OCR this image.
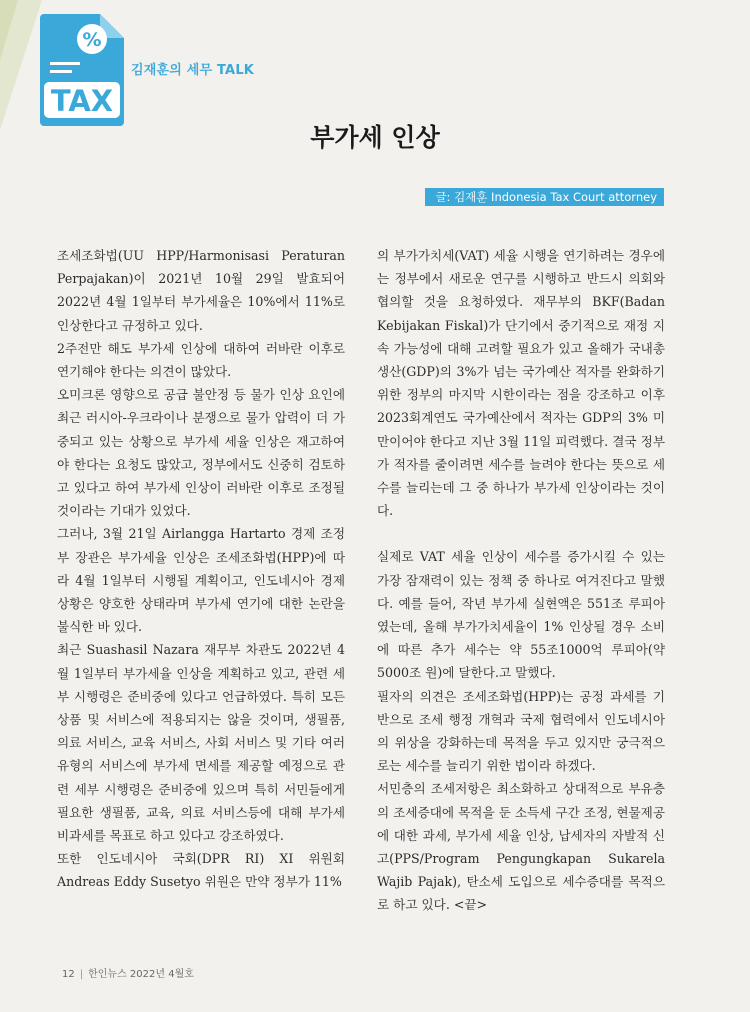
%
TAX
김재훈의 세무 TALK
부가세 인상
글: 김재훈 Indonesia Tax Court attorney

조세조화법(UU HPP/Harmonisasi Peraturan Perpajakan)이 2021년 10월 29일 발효되어 2022년 4월 1일부터 부가세율은 10%에서 11%로 인상한다고 규정하고 있다.

2주전만 해도 부가세 인상에 대하여 러바란 이후로 연기해야 한다는 의견이 많았다.

오미크론 영향으로 공급 불안정 등 물가 인상 요인에 최근 러시아-우크라이나 분쟁으로 물가 압력이 더 가중되고 있는 상황으로 부가세 세율 인상은 재고하여야 한다는 요청도 많았고, 정부에서도 신중히 검토하고 있다고 하여 부가세 인상이 러바란 이후로 조정될 것이라는 기대가 있었다.

그러나, 3월 21일 Airlangga Hartarto 경제 조정부 장관은 부가세율 인상은 조세조화법(HPP)에 따라 4월 1일부터 시행될 계획이고, 인도네시아 경제 상황은 양호한 상태라며 부가세 연기에 대한 논란을 불식한 바 있다.

최근 Suashasil Nazara 재무부 차관도 2022년 4월 1일부터 부가세율 인상을 계획하고 있고, 관련 세부 시행령은 준비중에 있다고 언급하였다. 특히 모든 상품 및 서비스에 적용되지는 않을 것이며, 생필품, 의료 서비스, 교육 서비스, 사회 서비스 및 기타 여러 유형의 서비스에 부가세 면세를 제공할 예정으로 관련 세부 시행령은 준비중에 있으며 특히 서민들에게 필요한 생필품, 교육, 의료 서비스등에 대해 부가세 비과세를 목표로 하고 있다고 강조하였다.

또한 인도네시아 국회(DPR RI) XI 위원회 Andreas Eddy Susetyo 위원은 만약 정부가 11%

의 부가가치세(VAT) 세율 시행을 연기하려는 경우에는 정부에서 새로운 연구를 시행하고 반드시 의회와 협의할 것을 요청하였다. 재무부의 BKF(Badan Kebijakan Fiskal)가 단기에서 중기적으로 재정 지속 가능성에 대해 고려할 필요가 있고 올해가 국내총생산(GDP)의 3%가 넘는 국가예산 적자를 완화하기 위한 정부의 마지막 시한이라는 점을 강조하고 이후 2023회계연도 국가예산에서 적자는 GDP의 3% 미만이어야 한다고 지난 3월 11일 피력했다. 결국 정부가 적자를 줄이려면 세수를 늘려야 한다는 뜻으로 세수를 늘리는데 그 중 하나가 부가세 인상이라는 것이다.

실제로 VAT 세율 인상이 세수를 증가시킬 수 있는 가장 잠재력이 있는 정책 중 하나로 여겨진다고 말했다. 예를 들어, 작년 부가세 실현액은 551조 루피아였는데, 올해 부가가치세율이 1% 인상될 경우 소비에 따른 추가 세수는 약 55조1000억 루피아(약 5000조 원)에 달한다.고 말했다.

필자의 의견은 조세조화법(HPP)는 공정 과세를 기반으로 조세 행정 개혁과 국제 협력에서 인도네시아의 위상을 강화하는데 목적을 두고 있지만 궁극적으로는 세수를 늘리기 위한 법이라 하겠다.

서민층의 조세저항은 최소화하고 상대적으로 부유층의 조세증대에 목적을 둔 소득세 구간 조정, 현물제공에 대한 과세, 부가세 세율 인상, 납세자의 자발적 신고(PPS/Program Pengungkapan Sukarela Wajib Pajak), 탄소세 도입으로 세수증대를 목적으로 하고 있다. <끝>

12 | 한인뉴스 2022년 4월호
